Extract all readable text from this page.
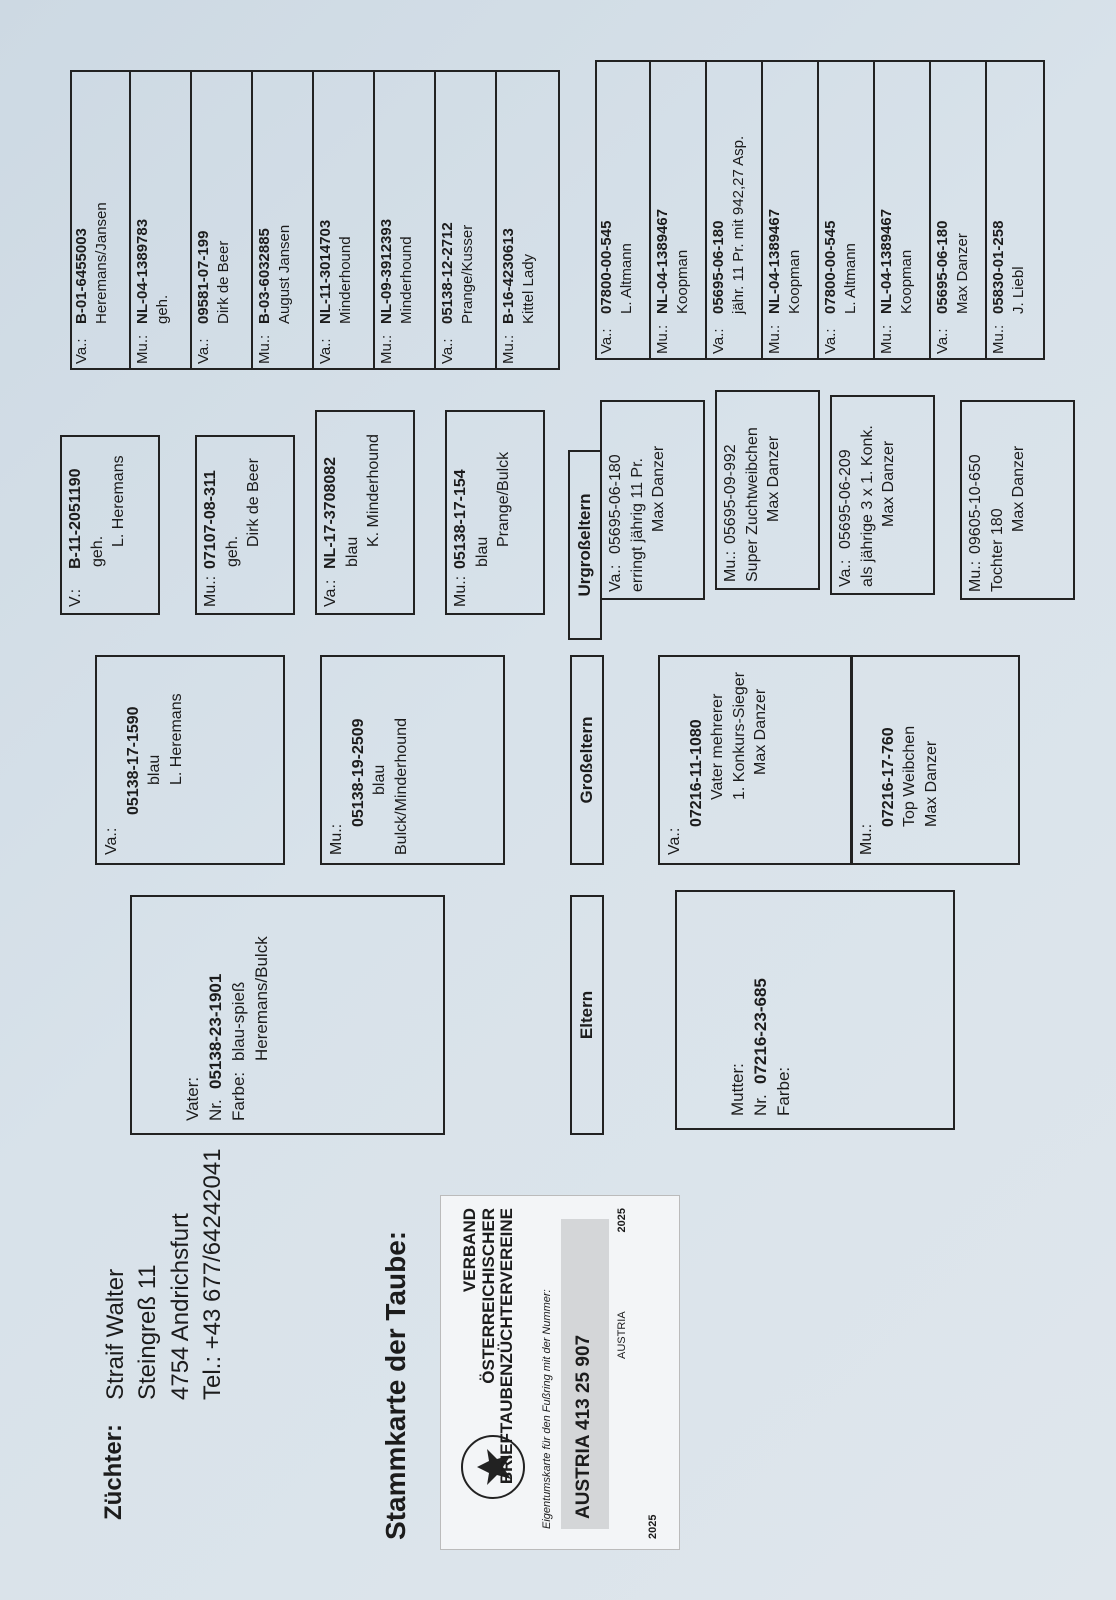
Züchter:
Straif Walter Steingreß 11 4754 Andrichsfurt Tel.: +43 677/64242041	Stammkarte der Taube:	VERBAND ÖSTERREICHISCHER BRIEFTAUBENZÜCHTERVEREINE Eigentumskarte für den Fußring mit der Nummer: AUSTRIA 413 25 907
2025
AUSTRIA
2025
Vater: Nr.05138-23-1901
Farbe:blau-spieß Heremans/Bulck
Mutter: Nr.07216-23-685
Farbe:
Eltern
Großeltern
Urgroßeltern
Va.:
05138-17-1590 blau L. Heremans
Mu.:
05138-19-2509 blau Bulck/Minderhound	Va.:
07216-11-1080 Vater mehrerer 1. Konkurs-Sieger Max Danzer
Mu.:
07216-17-760 Top Weibchen Max Danzer
V.:B-11-2051190 geh.
L. Heremans
Mu.:07107-08-311 geh.
Dirk de Beer
Va.:NL-17-3708082 blau
K. Minderhound
Mu.:05138-17-154 blau
Prange/Bulck
Va.:05695-06-180 erringt jährig 11 Pr. Max Danzer
Mu.:05695-09-992 Super Zuchtweibchen Max Danzer
Va.:05695-06-209 als jährige 3 x 1. Konk. Max Danzer
Mu.:09605-10-650 Tochter 180
Max Danzer
Va.:B-01-6455003 Heremans/Jansen
Mu.:NL-04-1389783 geh.
Va.:09581-07-199 Dirk de Beer
Mu.:B-03-6032885 August Jansen
Va.:NL-11-3014703 Minderhound
Mu.:NL-09-3912393 Minderhound
Va.:05138-12-2712 Prange/Kusser
Mu.:B-16-4230613 Kittel Lady
Va.:07800-00-545 L. Altmann
Mu.:NL-04-1389467 Koopman
Va.:05695-06-180 jähr. 11 Pr. mit 942,27 Asp.
Mu.:NL-04-1389467 Koopman
Va.:07800-00-545 L. Altmann
Mu.:NL-04-1389467 Koopman
Va.:05695-06-180 Max Danzer
Mu.:05830-01-258 J. Liebl
